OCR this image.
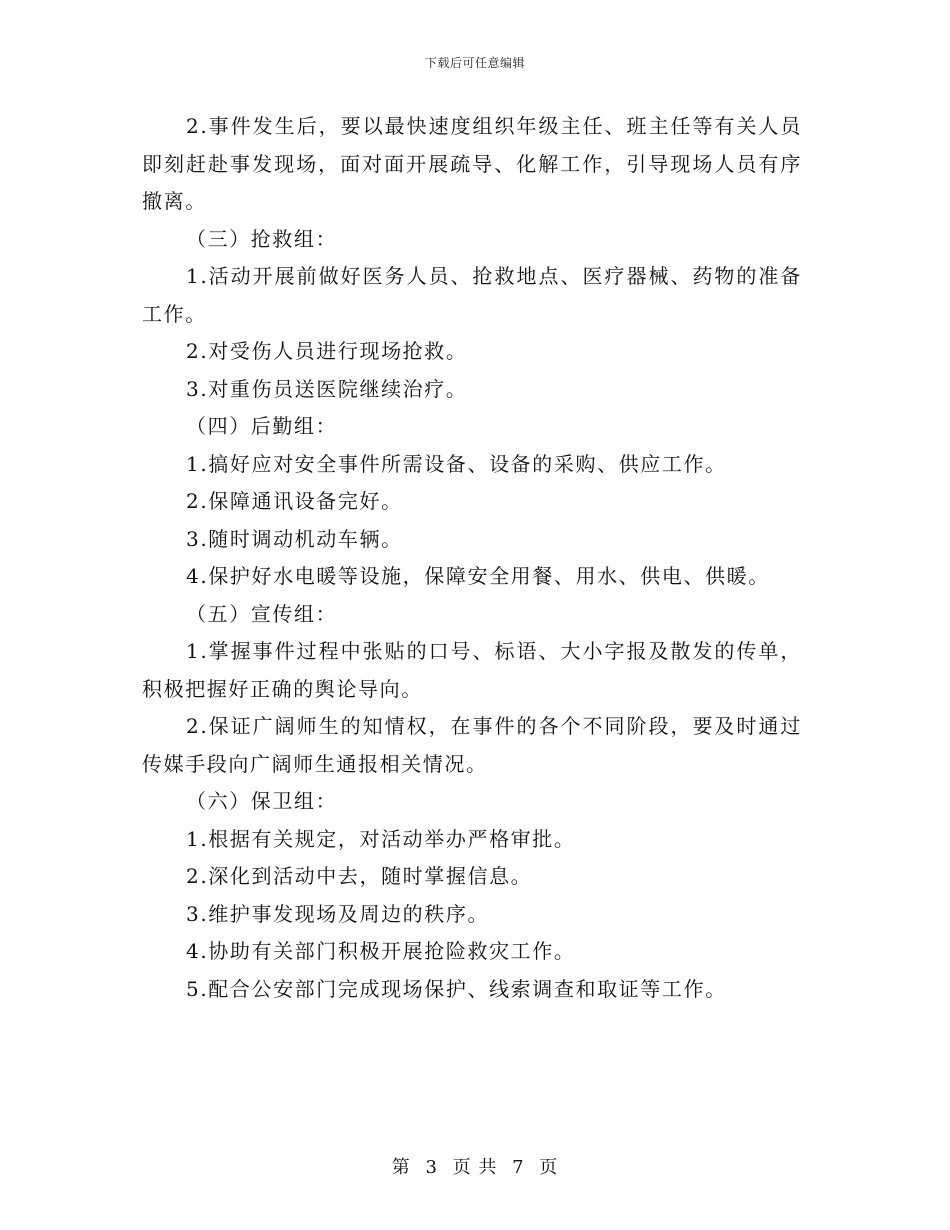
下载后可任意编辑

2.事件发生后，要以最快速度组织年级主任、班主任等有关人员即刻赶赴事发现场，面对面开展疏导、化解工作，引导现场人员有序撤离。

（三）抢救组：

1.活动开展前做好医务人员、抢救地点、医疗器械、药物的准备工作。

2.对受伤人员进行现场抢救。

3.对重伤员送医院继续治疗。

（四）后勤组：

1.搞好应对安全事件所需设备、设备的采购、供应工作。

2.保障通讯设备完好。

3.随时调动机动车辆。

4.保护好水电暖等设施，保障安全用餐、用水、供电、供暖。

（五）宣传组：

1.掌握事件过程中张贴的口号、标语、大小字报及散发的传单，积极把握好正确的舆论导向。

2.保证广阔师生的知情权，在事件的各个不同阶段，要及时通过传媒手段向广阔师生通报相关情况。

（六）保卫组：

1.根据有关规定，对活动举办严格审批。

2.深化到活动中去，随时掌握信息。

3.维护事发现场及周边的秩序。

4.协助有关部门积极开展抢险救灾工作。

5.配合公安部门完成现场保护、线索调查和取证等工作。

第 3 页 共 7 页
